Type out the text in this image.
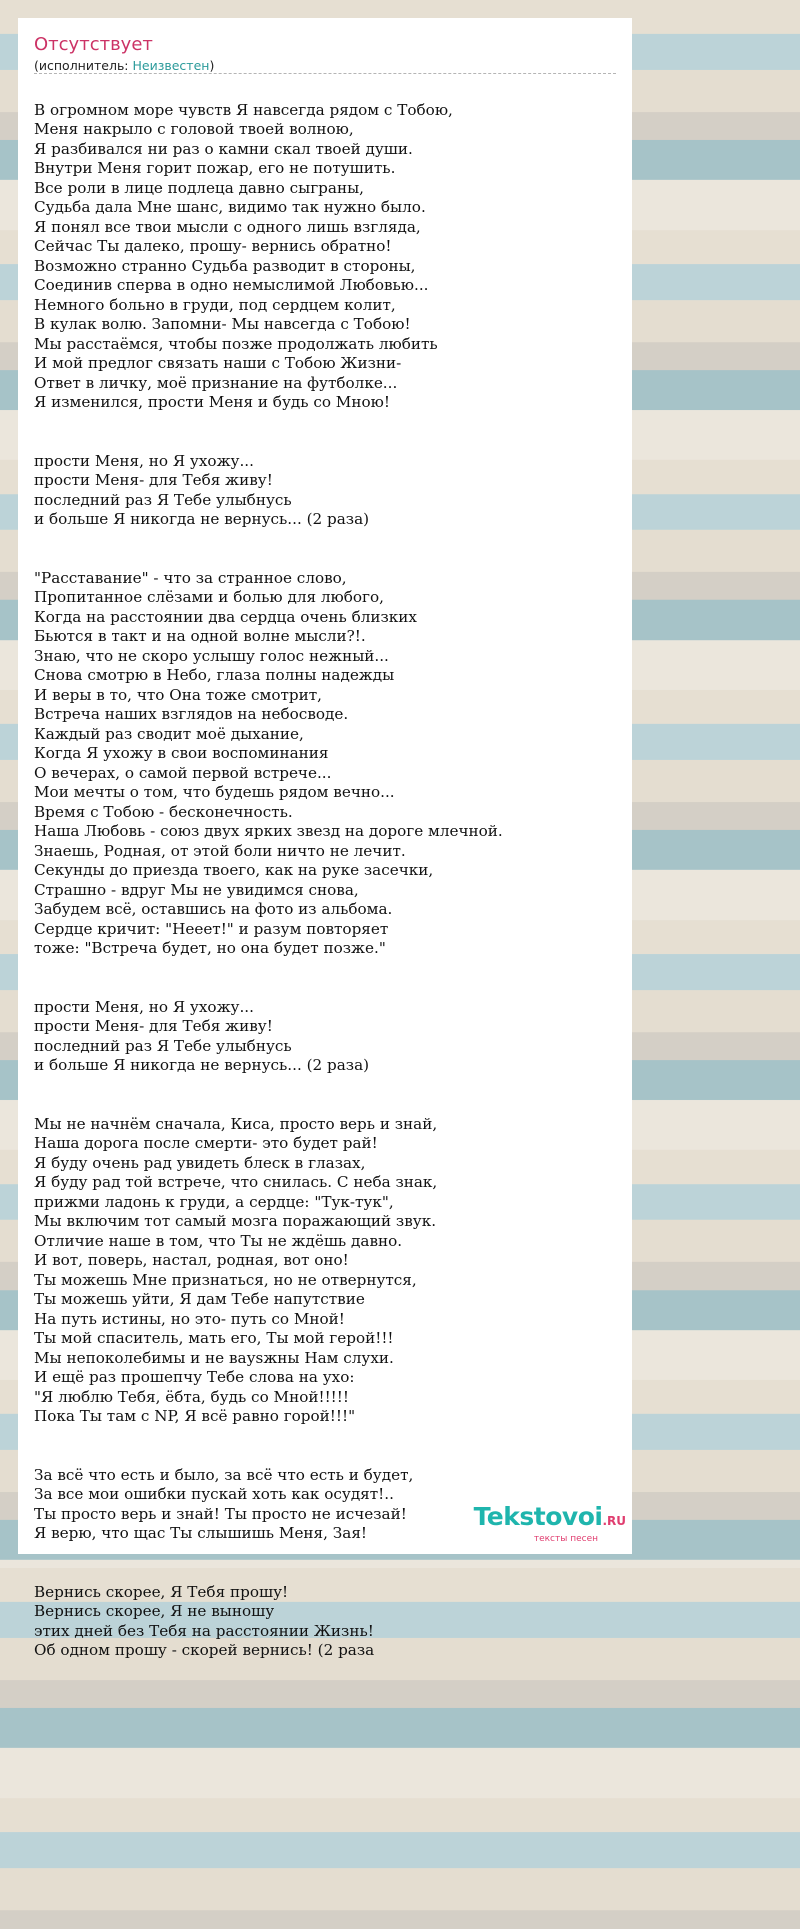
Отсутствует
(исполнитель: Неизвестен)

В огромном море чувств Я навсегда рядом с Тобою,
Меня накрыло с головой твоей волною,
Я разбивался ни раз о камни скал твоей души.
Внутри Меня горит пожар, его не потушить.
Все роли в лице подлеца давно сыграны,
Судьба дала Мне шанс, видимо так нужно было.
Я понял все твои мысли с одного лишь взгляда,
Сейчас Ты далеко, прошу- вернись обратно!
Возможно странно Судьба разводит в стороны,
Соединив сперва в одно немыслимой Любовью...
Немного больно в груди, под сердцем колит,
В кулак волю. Запомни- Мы навсегда с Тобою!
Мы расстаёмся, чтобы позже продолжать любить
И мой предлог связать наши с Тобою Жизни-
Ответ в личку, моё признание на футболке...
Я изменился, прости Меня и будь со Мною!

прости Меня, но Я ухожу...
прости Меня- для Тебя живу!
последний раз Я Тебе улыбнусь
и больше Я никогда не вернусь... (2 раза)

"Расставание" - что за странное слово,
Пропитанное слёзами и болью для любого,
Когда на расстоянии два сердца очень близких
Бьются в такт и на одной волне мысли?!.
Знаю, что не скоро услышу голос нежный...
Снова смотрю в Небо, глаза полны надежды
И веры в то, что Она тоже смотрит,
Встреча наших взглядов на небосводе.
Каждый раз сводит моё дыхание,
Когда Я ухожу в свои воспоминания
О вечерах, о самой первой встрече...
Мои мечты о том, что будешь рядом вечно...
Время с Тобою - бесконечность.
Наша Любовь - союз двух ярких звезд на дороге млечной.
Знаешь, Родная, от этой боли ничто не лечит.
Секунды до приезда твоего, как на руке засечки,
Страшно - вдруг Мы не увидимся снова,
Забудем всё, оставшись на фото из альбома.
Сердце кричит: "Нееет!" и разум повторяет
тоже: "Встреча будет, но она будет позже."

прости Меня, но Я ухожу...
прости Меня- для Тебя живу!
последний раз Я Тебе улыбнусь
и больше Я никогда не вернусь... (2 раза)

Мы не начнём сначала, Киса, просто верь и знай,
Наша дорога после смерти- это будет рай!
Я буду очень рад увидеть блеск в глазах,
Я буду рад той встрече, что снилась. С неба знак,
прижми ладонь к груди, а сердце: "Тук-тук",
Мы включим тот самый мозга поражающий звук.
Отличие наше в том, что Ты не ждёшь давно.
И вот, поверь, настал, родная, вот оно!
Ты можешь Мне признаться, но не отвернутся,
Ты можешь уйти, Я дам Тебе напутствие
На путь истины, но это- путь со Мной!
Ты мой спаситель, мать его, Ты мой герой!!!
Мы непоколебимы и не вауsжны Нам слухи.
И ещё раз прошепчу Тебе слова на ухо:
"Я люблю Тебя, ёбта, будь со Мной!!!!!
Пока Ты там с NP, Я всё равно горой!!!"

За всё что есть и было, за всё что есть и будет,
За все мои ошибки пускай хоть как осудят!..
Ты просто верь и знай! Ты просто не исчезай!
Я верю, что щас Ты слышишь Меня, Зая!

Вернись скорее, Я Тебя прошу!
Вернись скорее, Я не выношу
этих дней без Тебя на расстоянии Жизнь!
Об одном прошу - скорей вернись! (2 раза

Tekstovoi.RU
тексты песен
